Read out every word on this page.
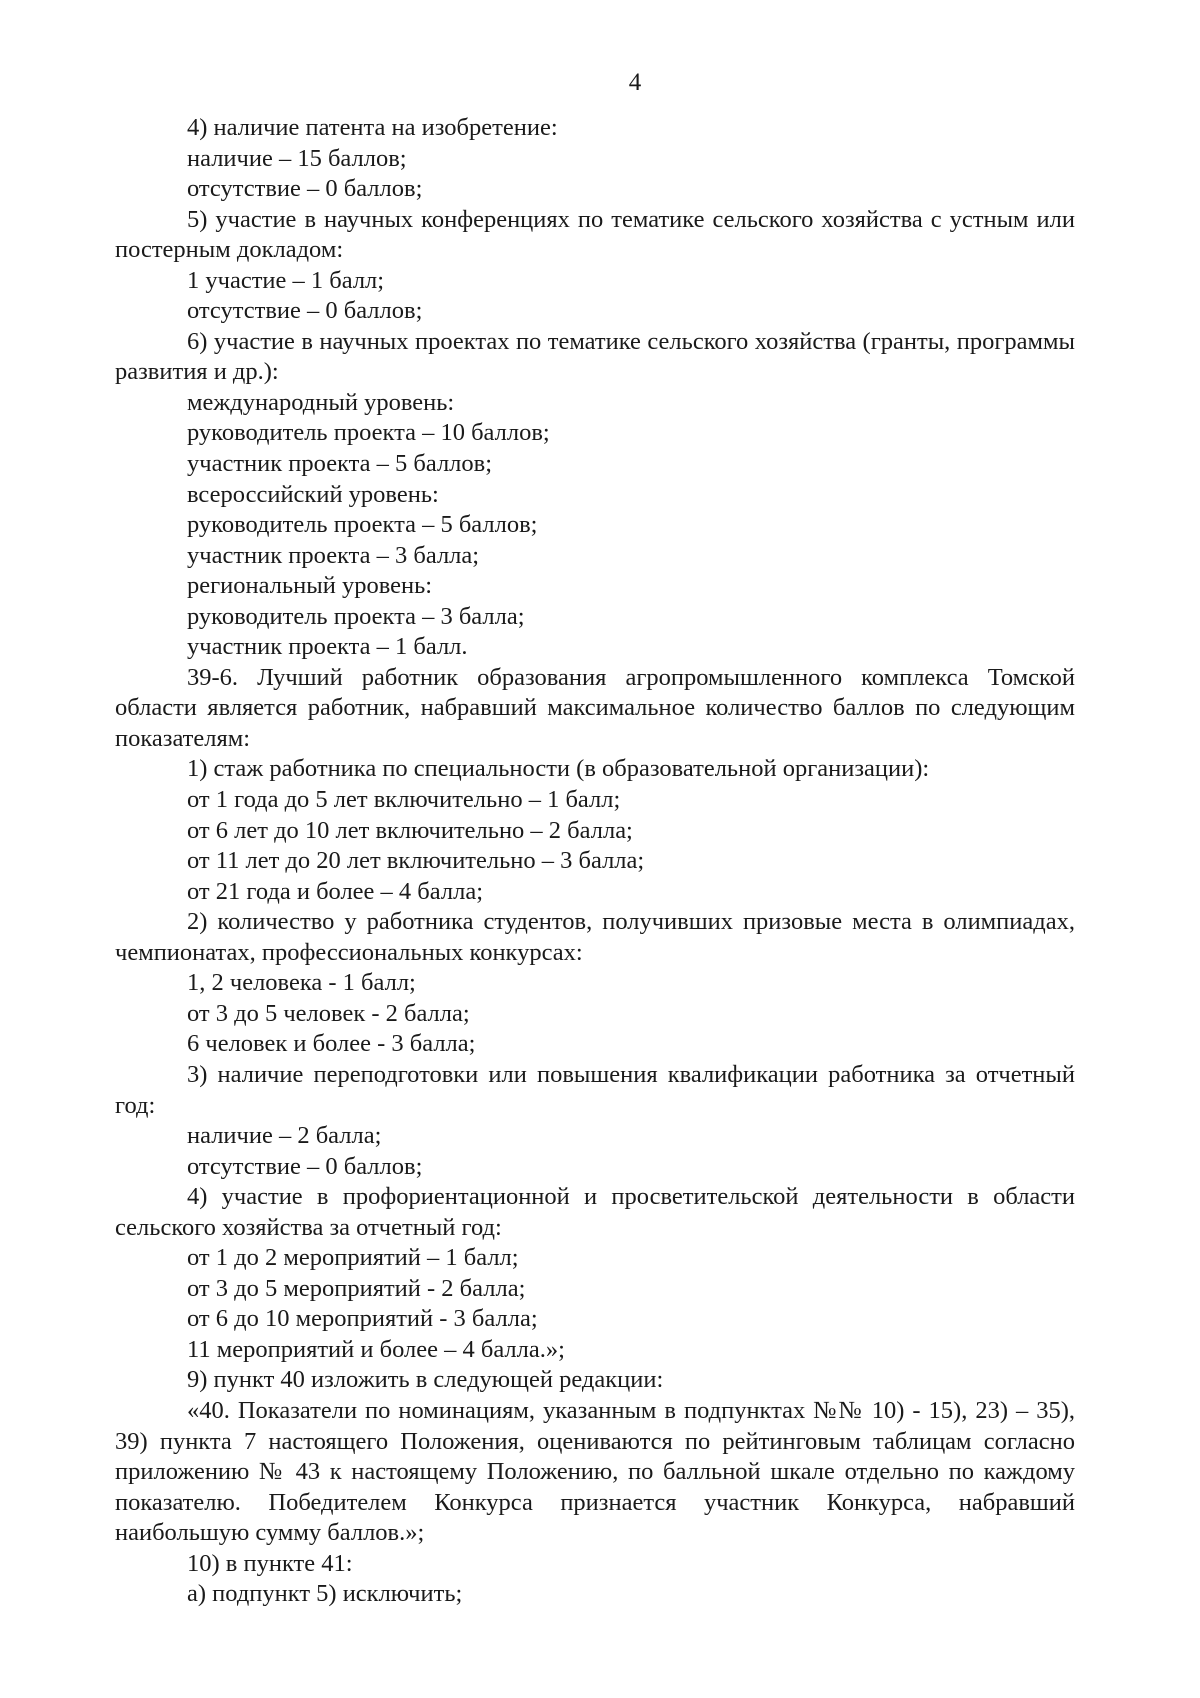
4

4) наличие патента на изобретение:

наличие – 15 баллов;

отсутствие – 0 баллов;

5) участие в научных конференциях по тематике сельского хозяйства с устным или постерным докладом:

1 участие – 1 балл;

отсутствие – 0 баллов;

6) участие в научных проектах по тематике сельского хозяйства (гранты, программы развития и др.):

международный уровень:

руководитель проекта – 10 баллов;

участник проекта – 5 баллов;

всероссийский уровень:

руководитель проекта – 5 баллов;

участник проекта – 3 балла;

региональный уровень:

руководитель проекта – 3 балла;

участник проекта – 1 балл.

39-6. Лучший работник образования агропромышленного комплекса Томской области является работник, набравший максимальное количество баллов по следующим показателям:

1) стаж работника по специальности (в образовательной организации):

от 1 года до 5 лет включительно – 1 балл;

от 6 лет до 10 лет включительно – 2 балла;

от 11 лет до 20 лет включительно – 3 балла;

от 21 года и более – 4 балла;

2) количество у работника студентов, получивших призовые места в олимпиадах, чемпионатах, профессиональных конкурсах:

1, 2 человека - 1 балл;

от 3 до 5 человек - 2 балла;

6 человек и более - 3 балла;

3) наличие переподготовки или повышения квалификации работника за отчетный год:

наличие – 2 балла;

отсутствие – 0 баллов;

4) участие в профориентационной и просветительской деятельности в области сельского хозяйства за отчетный год:

от 1 до 2 мероприятий – 1 балл;

от 3 до 5 мероприятий - 2 балла;

от 6 до 10 мероприятий - 3 балла;

11 мероприятий и более – 4 балла.»;

9) пункт 40 изложить в следующей редакции:

«40. Показатели по номинациям, указанным в подпунктах №№ 10) - 15), 23) – 35), 39) пункта 7 настоящего Положения, оцениваются по рейтинговым таблицам согласно приложению № 43 к настоящему Положению, по балльной шкале отдельно по каждому показателю. Победителем Конкурса признается участник Конкурса, набравший наибольшую сумму баллов.»;

10) в пункте 41:

а) подпункт 5) исключить;
